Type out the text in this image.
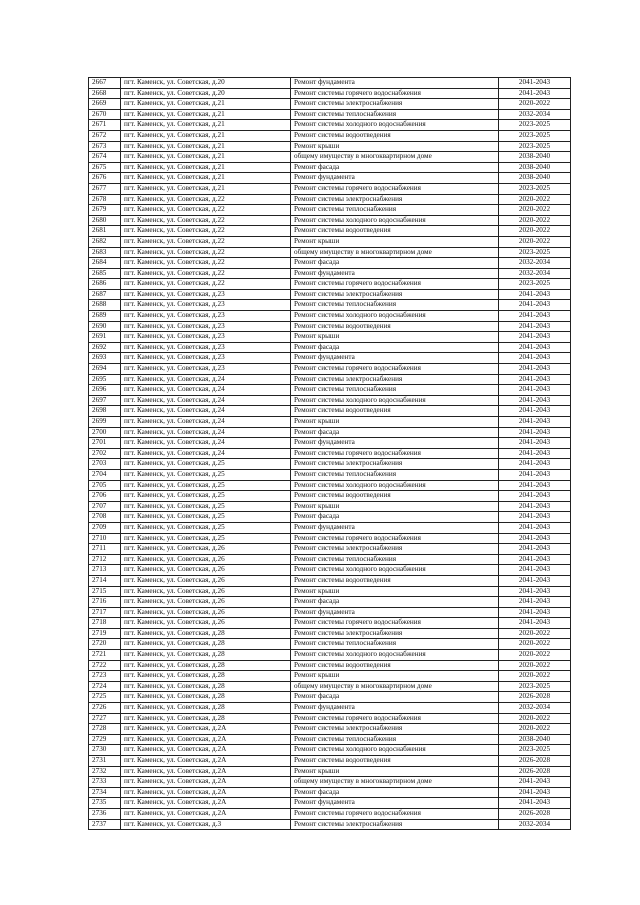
2667	пгт. Каменск, ул. Советская, д.20	Ремонт фундамента	2041-2043
2668	пгт. Каменск, ул. Советская, д.20	Ремонт системы горячего водоснабжения	2041-2043
2669	пгт. Каменск, ул. Советская, д.21	Ремонт системы электроснабжения	2020-2022
2670	пгт. Каменск, ул. Советская, д.21	Ремонт системы теплоснабжения	2032-2034
2671	пгт. Каменск, ул. Советская, д.21	Ремонт системы холодного водоснабжения	2023-2025
2672	пгт. Каменск, ул. Советская, д.21	Ремонт системы водоотведения	2023-2025
2673	пгт. Каменск, ул. Советская, д.21	Ремонт крыши	2023-2025
2674	пгт. Каменск, ул. Советская, д.21	общему имуществу в многоквартирном доме	2038-2040
2675	пгт. Каменск, ул. Советская, д.21	Ремонт фасада	2038-2040
2676	пгт. Каменск, ул. Советская, д.21	Ремонт фундамента	2038-2040
2677	пгт. Каменск, ул. Советская, д.21	Ремонт системы горячего водоснабжения	2023-2025
2678	пгт. Каменск, ул. Советская, д.22	Ремонт системы электроснабжения	2020-2022
2679	пгт. Каменск, ул. Советская, д.22	Ремонт системы теплоснабжения	2020-2022
2680	пгт. Каменск, ул. Советская, д.22	Ремонт системы холодного водоснабжения	2020-2022
2681	пгт. Каменск, ул. Советская, д.22	Ремонт системы водоотведения	2020-2022
2682	пгт. Каменск, ул. Советская, д.22	Ремонт крыши	2020-2022
2683	пгт. Каменск, ул. Советская, д.22	общему имуществу в многоквартирном доме	2023-2025
2684	пгт. Каменск, ул. Советская, д.22	Ремонт фасада	2032-2034
2685	пгт. Каменск, ул. Советская, д.22	Ремонт фундамента	2032-2034
2686	пгт. Каменск, ул. Советская, д.22	Ремонт системы горячего водоснабжения	2023-2025
2687	пгт. Каменск, ул. Советская, д.23	Ремонт системы электроснабжения	2041-2043
2688	пгт. Каменск, ул. Советская, д.23	Ремонт системы теплоснабжения	2041-2043
2689	пгт. Каменск, ул. Советская, д.23	Ремонт системы холодного водоснабжения	2041-2043
2690	пгт. Каменск, ул. Советская, д.23	Ремонт системы водоотведения	2041-2043
2691	пгт. Каменск, ул. Советская, д.23	Ремонт крыши	2041-2043
2692	пгт. Каменск, ул. Советская, д.23	Ремонт фасада	2041-2043
2693	пгт. Каменск, ул. Советская, д.23	Ремонт фундамента	2041-2043
2694	пгт. Каменск, ул. Советская, д.23	Ремонт системы горячего водоснабжения	2041-2043
2695	пгт. Каменск, ул. Советская, д.24	Ремонт системы электроснабжения	2041-2043
2696	пгт. Каменск, ул. Советская, д.24	Ремонт системы теплоснабжения	2041-2043
2697	пгт. Каменск, ул. Советская, д.24	Ремонт системы холодного водоснабжения	2041-2043
2698	пгт. Каменск, ул. Советская, д.24	Ремонт системы водоотведения	2041-2043
2699	пгт. Каменск, ул. Советская, д.24	Ремонт крыши	2041-2043
2700	пгт. Каменск, ул. Советская, д.24	Ремонт фасада	2041-2043
2701	пгт. Каменск, ул. Советская, д.24	Ремонт фундамента	2041-2043
2702	пгт. Каменск, ул. Советская, д.24	Ремонт системы горячего водоснабжения	2041-2043
2703	пгт. Каменск, ул. Советская, д.25	Ремонт системы электроснабжения	2041-2043
2704	пгт. Каменск, ул. Советская, д.25	Ремонт системы теплоснабжения	2041-2043
2705	пгт. Каменск, ул. Советская, д.25	Ремонт системы холодного водоснабжения	2041-2043
2706	пгт. Каменск, ул. Советская, д.25	Ремонт системы водоотведения	2041-2043
2707	пгт. Каменск, ул. Советская, д.25	Ремонт крыши	2041-2043
2708	пгт. Каменск, ул. Советская, д.25	Ремонт фасада	2041-2043
2709	пгт. Каменск, ул. Советская, д.25	Ремонт фундамента	2041-2043
2710	пгт. Каменск, ул. Советская, д.25	Ремонт системы горячего водоснабжения	2041-2043
2711	пгт. Каменск, ул. Советская, д.26	Ремонт системы электроснабжения	2041-2043
2712	пгт. Каменск, ул. Советская, д.26	Ремонт системы теплоснабжения	2041-2043
2713	пгт. Каменск, ул. Советская, д.26	Ремонт системы холодного водоснабжения	2041-2043
2714	пгт. Каменск, ул. Советская, д.26	Ремонт системы водоотведения	2041-2043
2715	пгт. Каменск, ул. Советская, д.26	Ремонт крыши	2041-2043
2716	пгт. Каменск, ул. Советская, д.26	Ремонт фасада	2041-2043
2717	пгт. Каменск, ул. Советская, д.26	Ремонт фундамента	2041-2043
2718	пгт. Каменск, ул. Советская, д.26	Ремонт системы горячего водоснабжения	2041-2043
2719	пгт. Каменск, ул. Советская, д.28	Ремонт системы электроснабжения	2020-2022
2720	пгт. Каменск, ул. Советская, д.28	Ремонт системы теплоснабжения	2020-2022
2721	пгт. Каменск, ул. Советская, д.28	Ремонт системы холодного водоснабжения	2020-2022
2722	пгт. Каменск, ул. Советская, д.28	Ремонт системы водоотведения	2020-2022
2723	пгт. Каменск, ул. Советская, д.28	Ремонт крыши	2020-2022
2724	пгт. Каменск, ул. Советская, д.28	общему имуществу в многоквартирном доме	2023-2025
2725	пгт. Каменск, ул. Советская, д.28	Ремонт фасада	2026-2028
2726	пгт. Каменск, ул. Советская, д.28	Ремонт фундамента	2032-2034
2727	пгт. Каменск, ул. Советская, д.28	Ремонт системы горячего водоснабжения	2020-2022
2728	пгт. Каменск, ул. Советская, д.2А	Ремонт системы электроснабжения	2020-2022
2729	пгт. Каменск, ул. Советская, д.2А	Ремонт системы теплоснабжения	2038-2040
2730	пгт. Каменск, ул. Советская, д.2А	Ремонт системы холодного водоснабжения	2023-2025
2731	пгт. Каменск, ул. Советская, д.2А	Ремонт системы водоотведения	2026-2028
2732	пгт. Каменск, ул. Советская, д.2А	Ремонт крыши	2026-2028
2733	пгт. Каменск, ул. Советская, д.2А	общему имуществу в многоквартирном доме	2041-2043
2734	пгт. Каменск, ул. Советская, д.2А	Ремонт фасада	2041-2043
2735	пгт. Каменск, ул. Советская, д.2А	Ремонт фундамента	2041-2043
2736	пгт. Каменск, ул. Советская, д.2А	Ремонт системы горячего водоснабжения	2026-2028
2737	пгт. Каменск, ул. Советская, д.3	Ремонт системы электроснабжения	2032-2034
